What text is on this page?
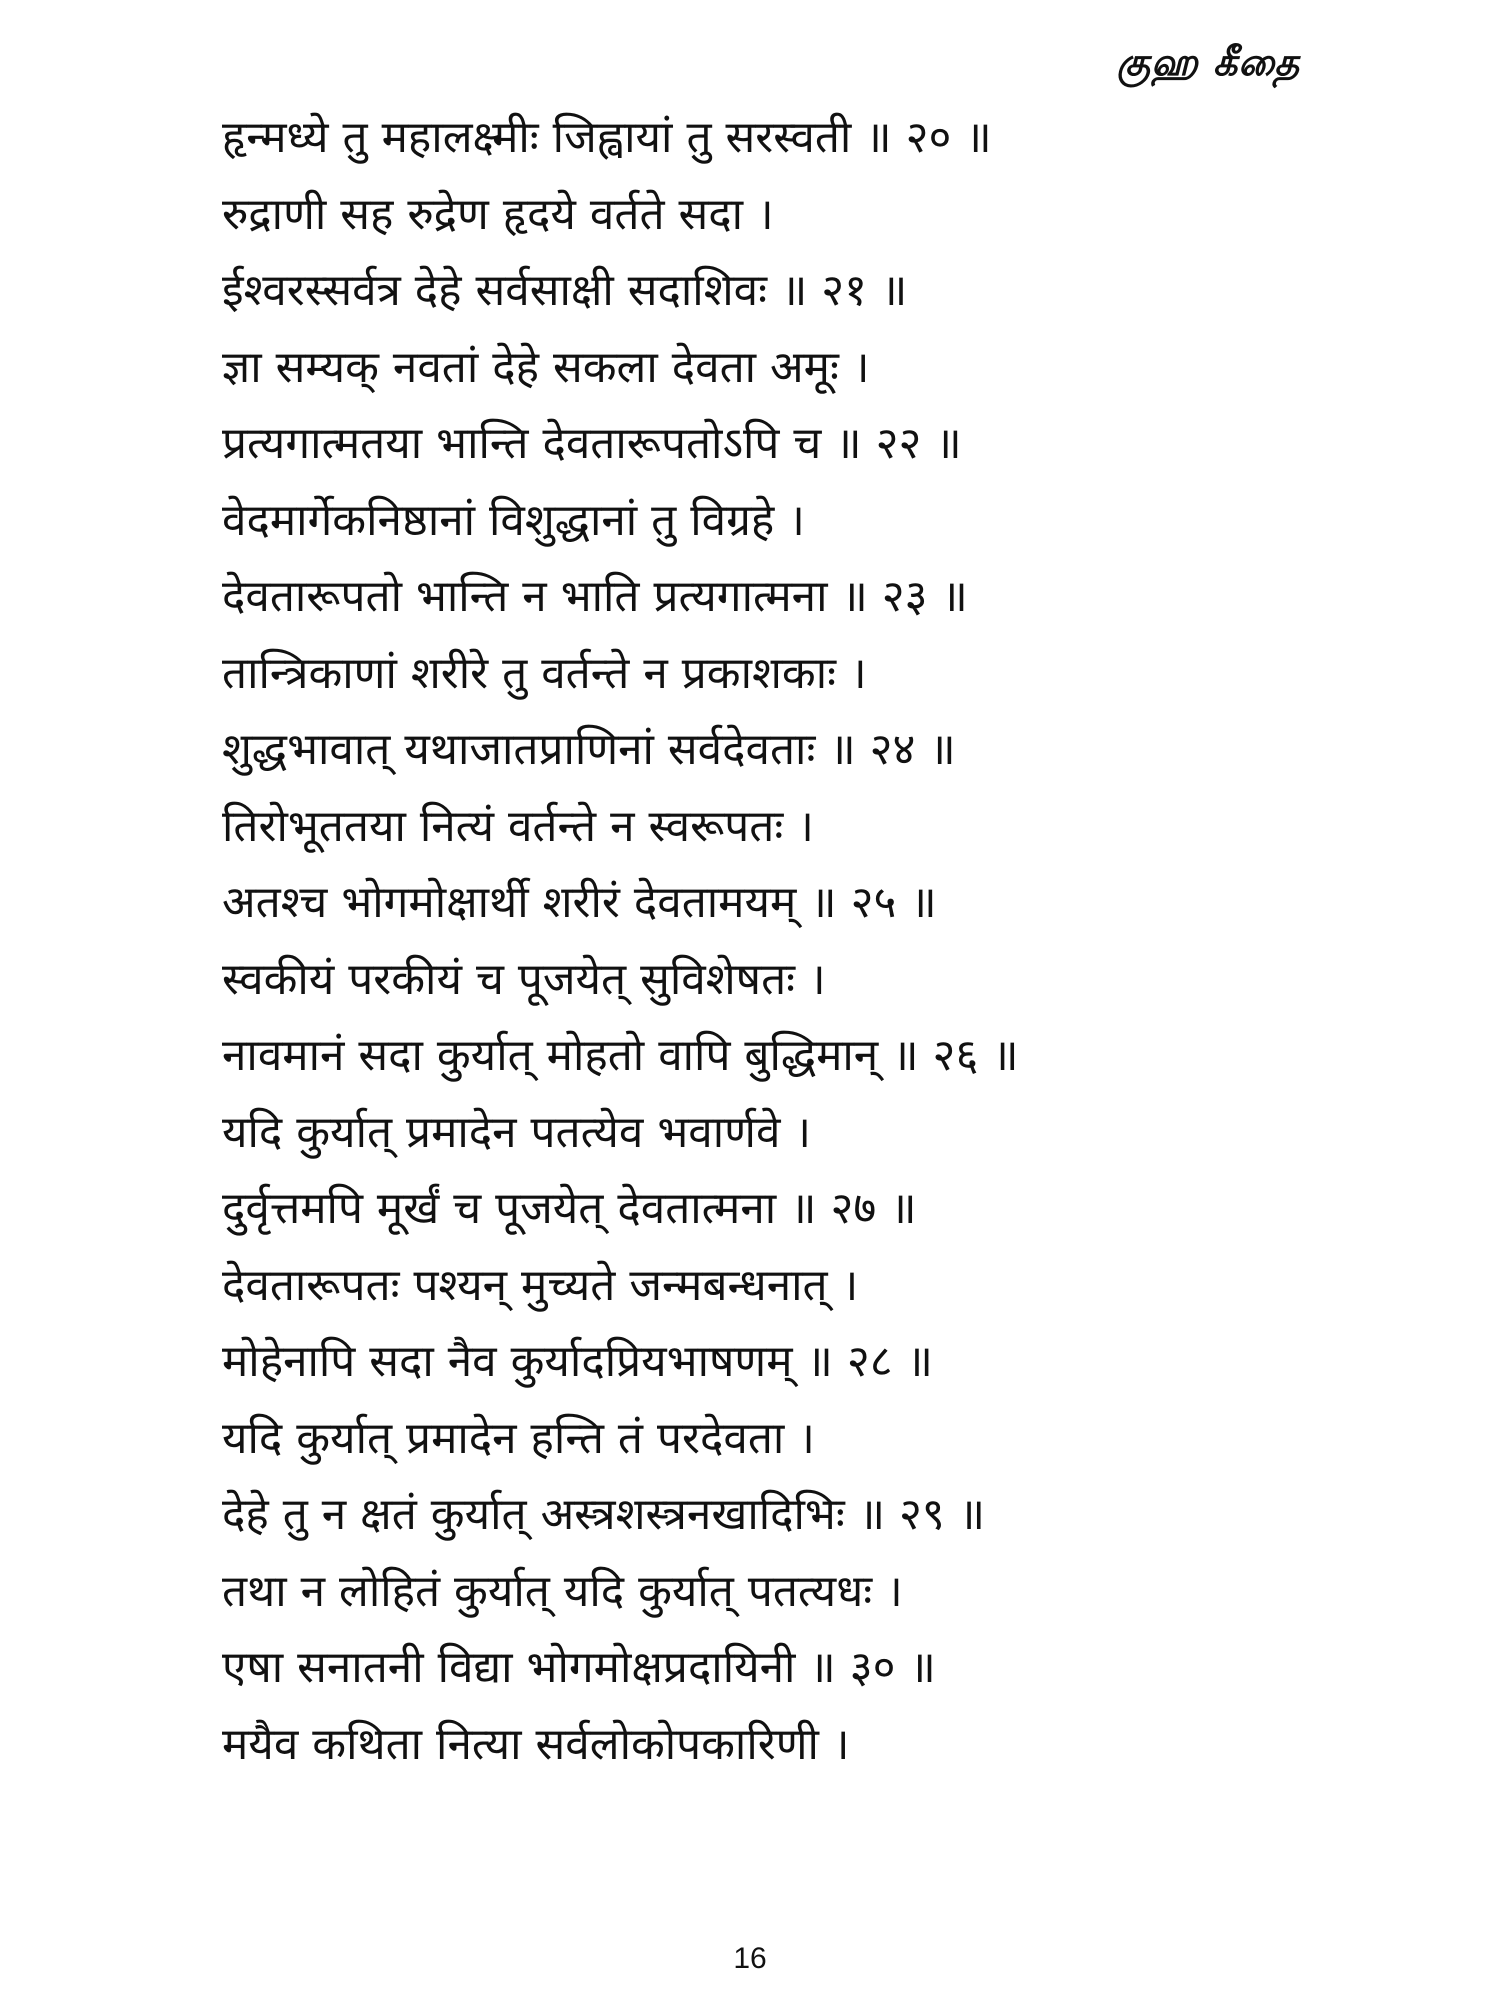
குஹ கீதை
हृन्मध्ये तु महालक्ष्मीः जिह्वायां तु सरस्वती ॥ २० ॥
रुद्राणी सह रुद्रेण हृदये वर्तते सदा ।
ईश्वरस्सर्वत्र देहे सर्वसाक्षी सदाशिवः ॥ २१ ॥
ज्ञा सम्यक् नवतां देहे सकला देवता अमूः ।
प्रत्यगात्मतया भान्ति देवतारूपतोऽपि च ॥ २२ ॥
वेदमार्गेकनिष्ठानां विशुद्धानां तु विग्रहे ।
देवतारूपतो भान्ति न भाति प्रत्यगात्मना ॥ २३ ॥
तान्त्रिकाणां शरीरे तु वर्तन्ते न प्रकाशकाः ।
शुद्धभावात् यथाजातप्राणिनां सर्वदेवताः ॥ २४ ॥
तिरोभूततया नित्यं वर्तन्ते न स्वरूपतः ।
अतश्च भोगमोक्षार्थी शरीरं देवतामयम् ॥ २५ ॥
स्वकीयं परकीयं च पूजयेत् सुविशेषतः ।
नावमानं सदा कुर्यात् मोहतो वापि बुद्धिमान् ॥ २६ ॥
यदि कुर्यात् प्रमादेन पतत्येव भवार्णवे ।
दुर्वृत्तमपि मूर्खं च पूजयेत् देवतात्मना ॥ २७ ॥
देवतारूपतः पश्यन् मुच्यते जन्मबन्धनात् ।
मोहेनापि सदा नैव कुर्यादप्रियभाषणम् ॥ २८ ॥
यदि कुर्यात् प्रमादेन हन्ति तं परदेवता ।
देहे तु न क्षतं कुर्यात् अस्त्रशस्त्रनखादिभिः ॥ २९ ॥
तथा न लोहितं कुर्यात् यदि कुर्यात् पतत्यधः ।
एषा सनातनी विद्या भोगमोक्षप्रदायिनी ॥ ३० ॥
मयैव कथिता नित्या सर्वलोकोपकारिणी ।
16
